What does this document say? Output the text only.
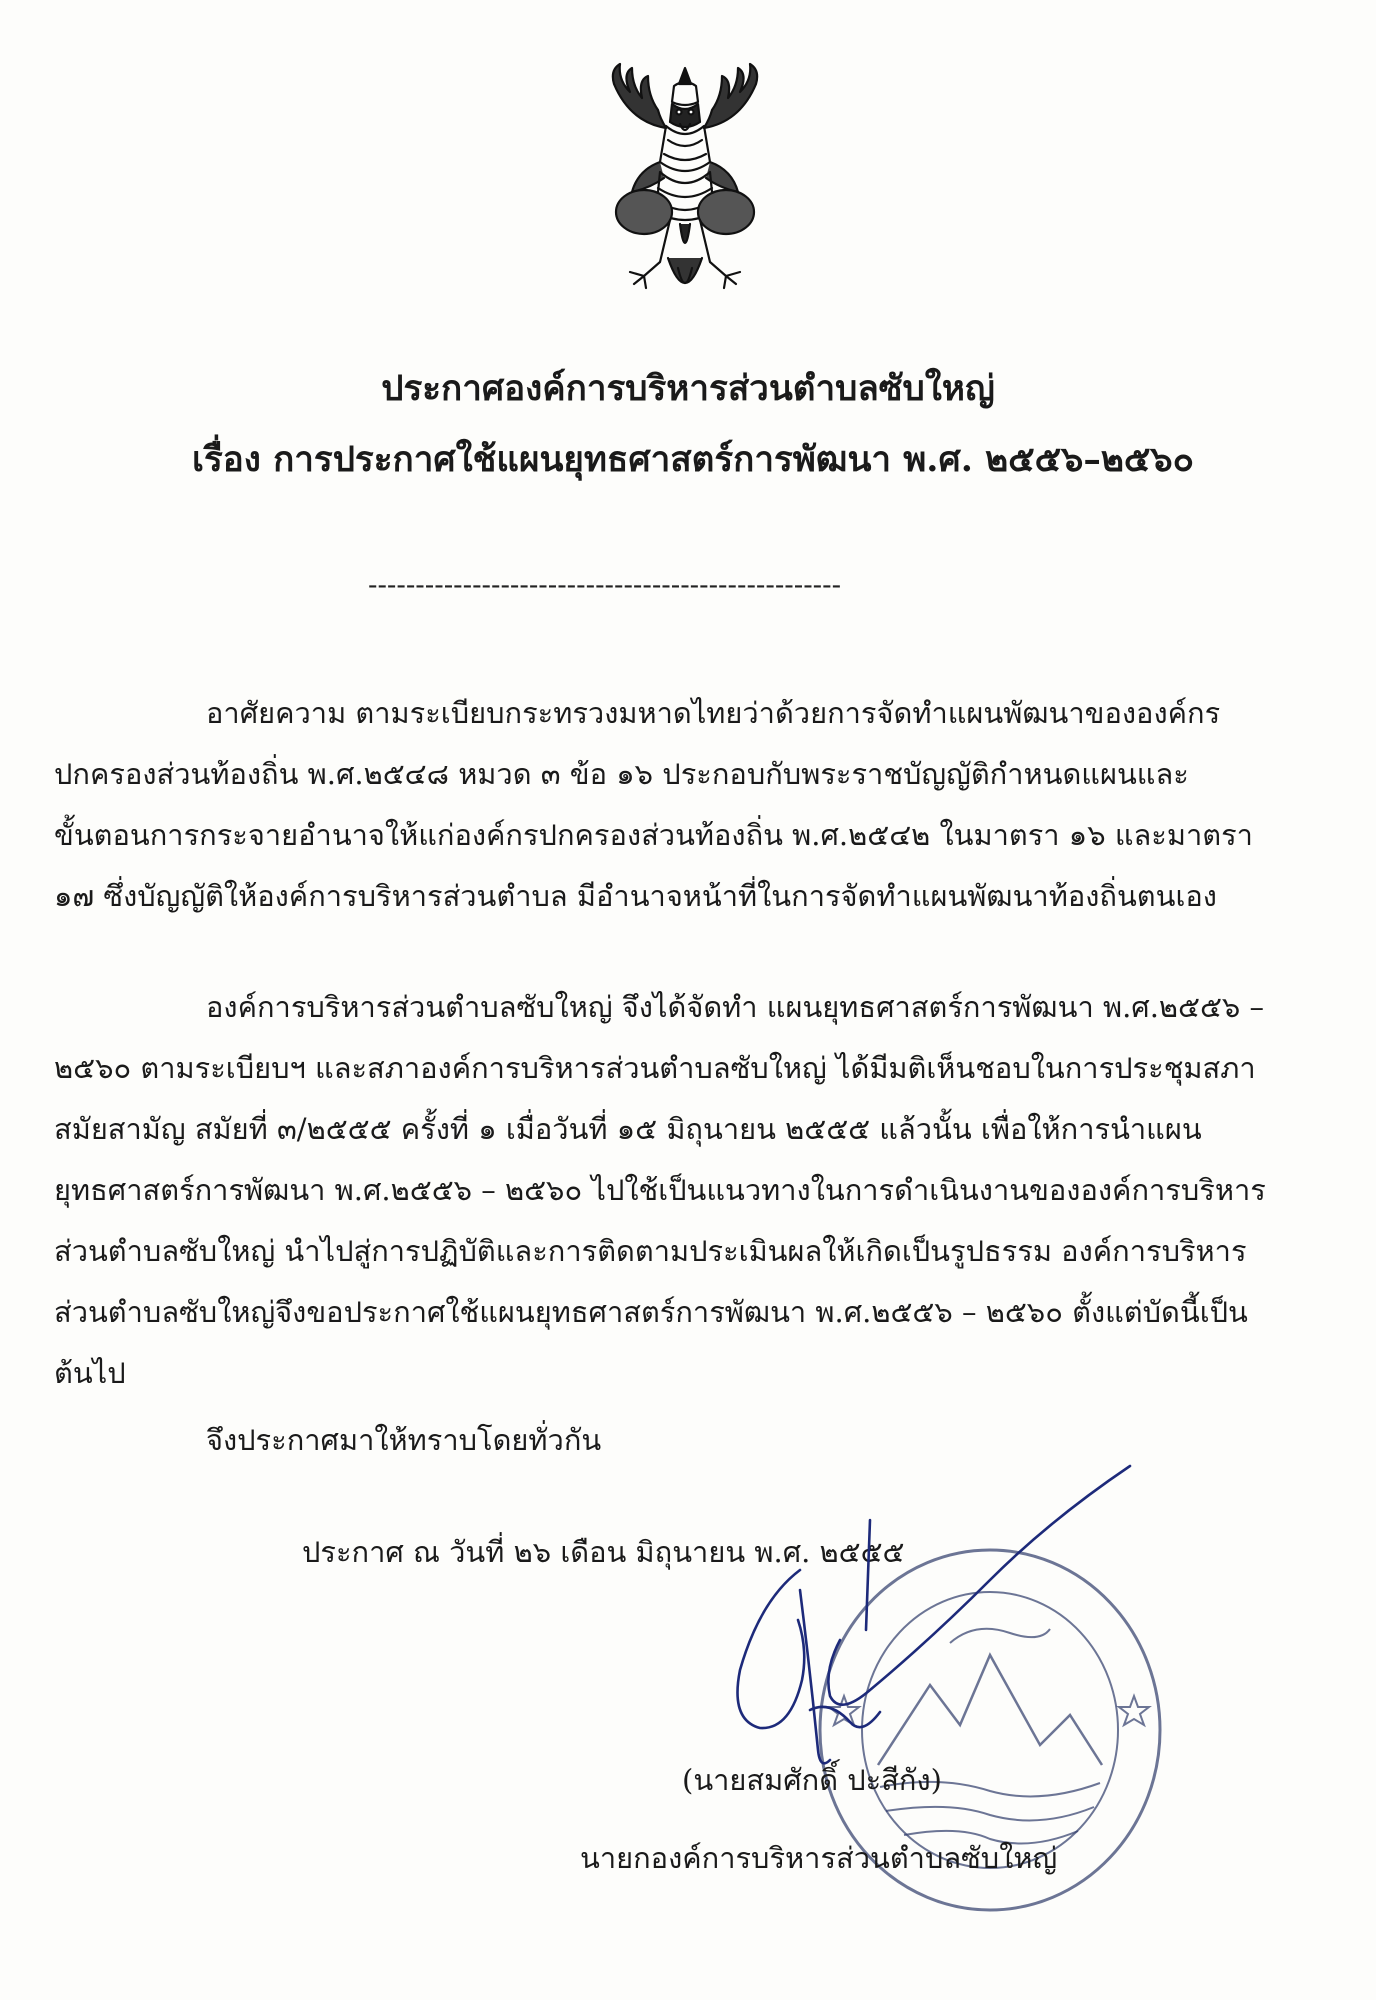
ประกาศองค์การบริหารส่วนตำบลซับใหญ่
เรื่อง การประกาศใช้แผนยุทธศาสตร์การพัฒนา พ.ศ. ๒๕๕๖–๒๕๖๐
--------------------------------------------------
อาศัยความ ตามระเบียบกระทรวงมหาดไทยว่าด้วยการจัดทำแผนพัฒนาขององค์กร
ปกครองส่วนท้องถิ่น พ.ศ.๒๕๔๘ หมวด ๓ ข้อ ๑๖ ประกอบกับพระราชบัญญัติกำหนดแผนและ
ขั้นตอนการกระจายอำนาจให้แก่องค์กรปกครองส่วนท้องถิ่น พ.ศ.๒๕๔๒ ในมาตรา ๑๖ และมาตรา
๑๗ ซึ่งบัญญัติให้องค์การบริหารส่วนตำบล มีอำนาจหน้าที่ในการจัดทำแผนพัฒนาท้องถิ่นตนเอง
องค์การบริหารส่วนตำบลซับใหญ่ จึงได้จัดทำ แผนยุทธศาสตร์การพัฒนา พ.ศ.๒๕๕๖ –
๒๕๖๐ ตามระเบียบฯ และสภาองค์การบริหารส่วนตำบลซับใหญ่ ได้มีมติเห็นชอบในการประชุมสภา
สมัยสามัญ สมัยที่ ๓/๒๕๕๕ ครั้งที่ ๑ เมื่อวันที่ ๑๕ มิถุนายน ๒๕๕๕ แล้วนั้น เพื่อให้การนำแผน
ยุทธศาสตร์การพัฒนา พ.ศ.๒๕๕๖ – ๒๕๖๐ ไปใช้เป็นแนวทางในการดำเนินงานขององค์การบริหาร
ส่วนตำบลซับใหญ่ นำไปสู่การปฏิบัติและการติดตามประเมินผลให้เกิดเป็นรูปธรรม องค์การบริหาร
ส่วนตำบลซับใหญ่จึงขอประกาศใช้แผนยุทธศาสตร์การพัฒนา พ.ศ.๒๕๕๖ – ๒๕๖๐ ตั้งแต่บัดนี้เป็น
ต้นไป
จึงประกาศมาให้ทราบโดยทั่วกัน
ประกาศ ณ วันที่ ๒๖ เดือน มิถุนายน พ.ศ. ๒๕๕๕
(นายสมศักดิ์ ปะสีกัง)
นายกองค์การบริหารส่วนตำบลซับใหญ่
